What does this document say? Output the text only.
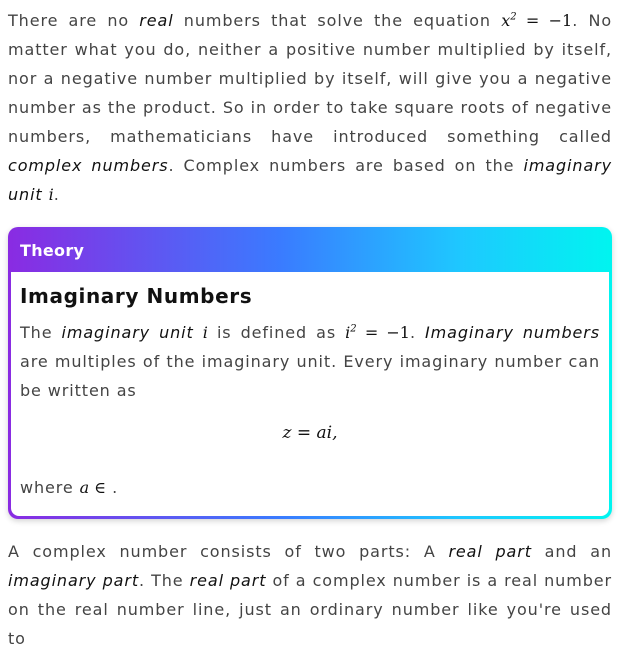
There are no real numbers that solve the equation $x^2 = -1$. No matter what you do, neither a positive number multiplied by itself, nor a negative number multiplied by itself, will give you a negative number as the product. So in order to take square roots of negative numbers, mathematicians have introduced something called complex numbers. Complex numbers are based on the imaginary unit i.

Theory
Imaginary Numbers

The imaginary unit i is defined as $i^2 = -1$. Imaginary numbers are multiples of the imaginary unit. Every imaginary number can be written as

z = ai,

where a ∈ .

A complex number consists of two parts: A real part and an imaginary part. The real part of a complex number is a real number on the real number line, just an ordinary number like you're used to
